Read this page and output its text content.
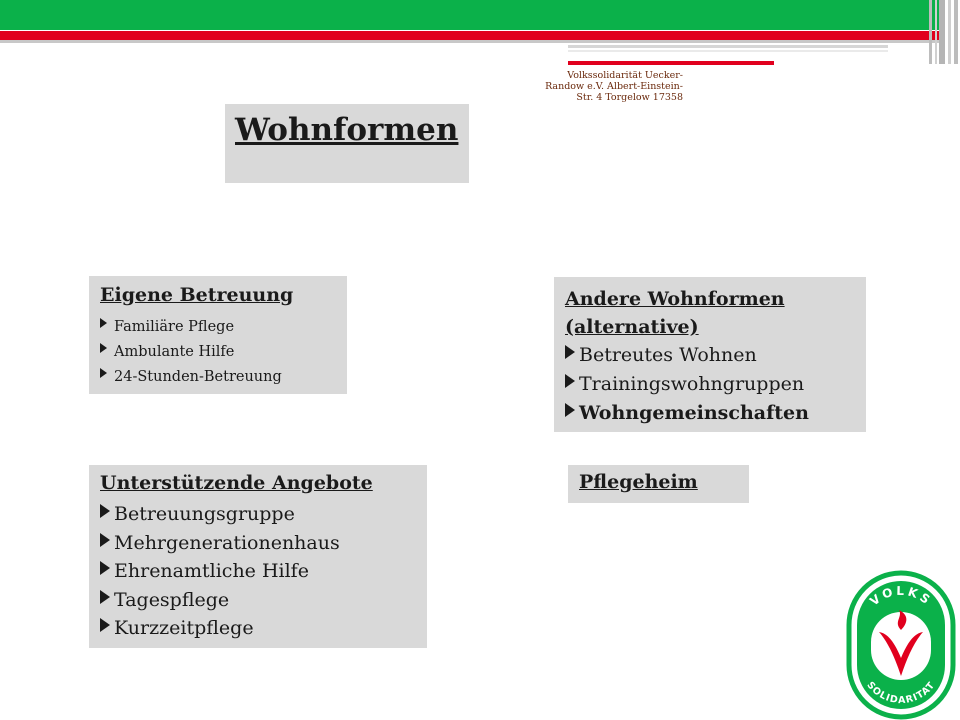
Volkssolidarität Uecker-Randow e.V. Albert-Einstein-Str. 4 Torgelow 17358
Wohnformen
Eigene Betreuung
Familiäre Pflege
Ambulante Hilfe
24-Stunden-Betreuung
Andere Wohnformen
(alternative)
Betreutes Wohnen
Trainingswohngruppen
Wohngemeinschaften
Unterstützende Angebote
Betreuungsgruppe
Mehrgenerationenhaus
Ehrenamtliche Hilfe
Tagespflege
Kurzzeitpflege
Pflegeheim
VOLKS
SOLIDARITAT
